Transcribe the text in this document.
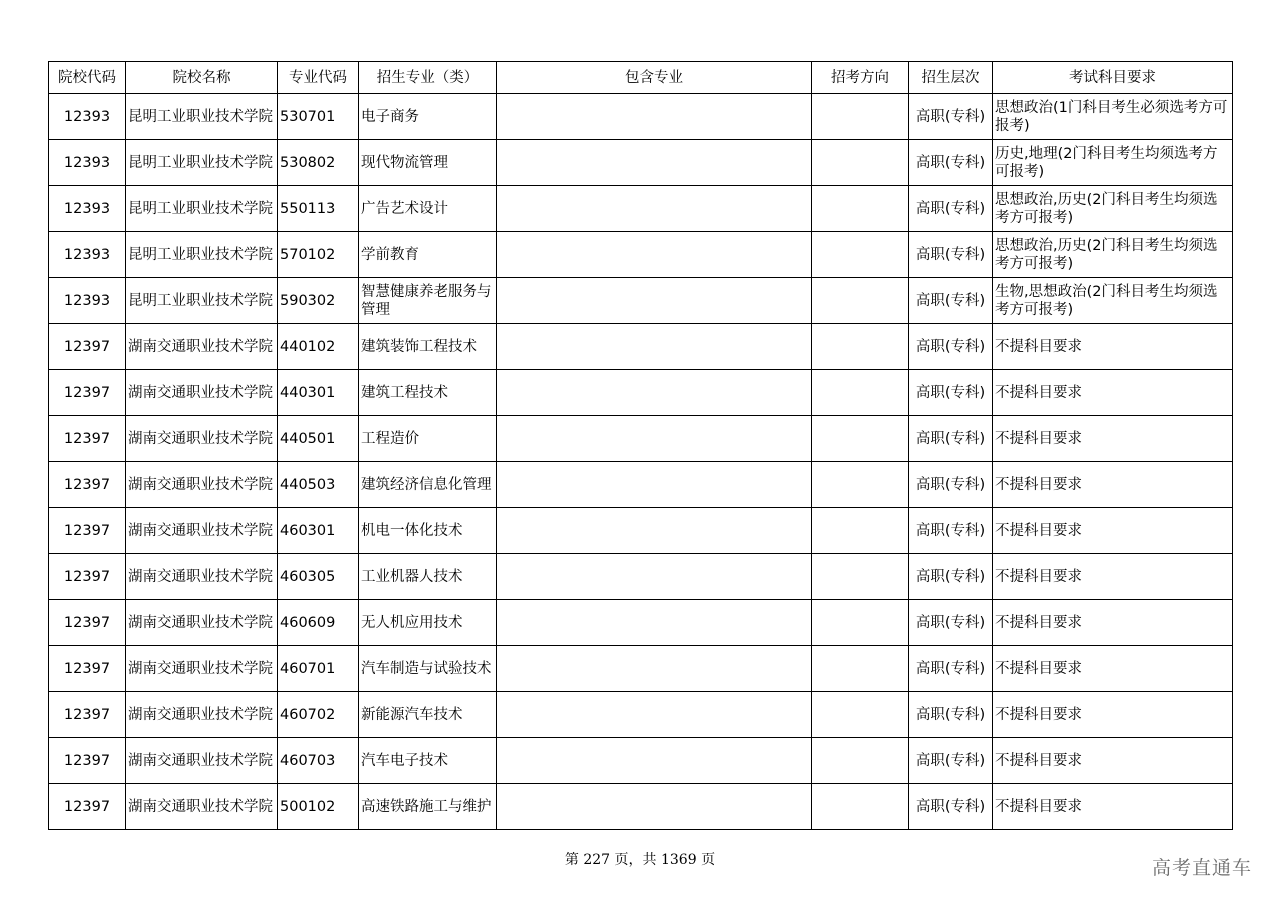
院校代码	院校名称	专业代码	招生专业（类）	包含专业	招考方向	招生层次	考试科目要求
12393	昆明工业职业技术学院	530701	电子商务			高职(专科)	思想政治(1门科目考生必须选考方可报考)
12393	昆明工业职业技术学院	530802	现代物流管理			高职(专科)	历史,地理(2门科目考生均须选考方可报考)
12393	昆明工业职业技术学院	550113	广告艺术设计			高职(专科)	思想政治,历史(2门科目考生均须选考方可报考)
12393	昆明工业职业技术学院	570102	学前教育			高职(专科)	思想政治,历史(2门科目考生均须选考方可报考)
12393	昆明工业职业技术学院	590302	智慧健康养老服务与管理			高职(专科)	生物,思想政治(2门科目考生均须选考方可报考)
12397	湖南交通职业技术学院	440102	建筑装饰工程技术			高职(专科)	不提科目要求
12397	湖南交通职业技术学院	440301	建筑工程技术			高职(专科)	不提科目要求
12397	湖南交通职业技术学院	440501	工程造价			高职(专科)	不提科目要求
12397	湖南交通职业技术学院	440503	建筑经济信息化管理			高职(专科)	不提科目要求
12397	湖南交通职业技术学院	460301	机电一体化技术			高职(专科)	不提科目要求
12397	湖南交通职业技术学院	460305	工业机器人技术			高职(专科)	不提科目要求
12397	湖南交通职业技术学院	460609	无人机应用技术			高职(专科)	不提科目要求
12397	湖南交通职业技术学院	460701	汽车制造与试验技术			高职(专科)	不提科目要求
12397	湖南交通职业技术学院	460702	新能源汽车技术			高职(专科)	不提科目要求
12397	湖南交通职业技术学院	460703	汽车电子技术			高职(专科)	不提科目要求
12397	湖南交通职业技术学院	500102	高速铁路施工与维护			高职(专科)	不提科目要求
第 227 页，共 1369 页	高考直通车
